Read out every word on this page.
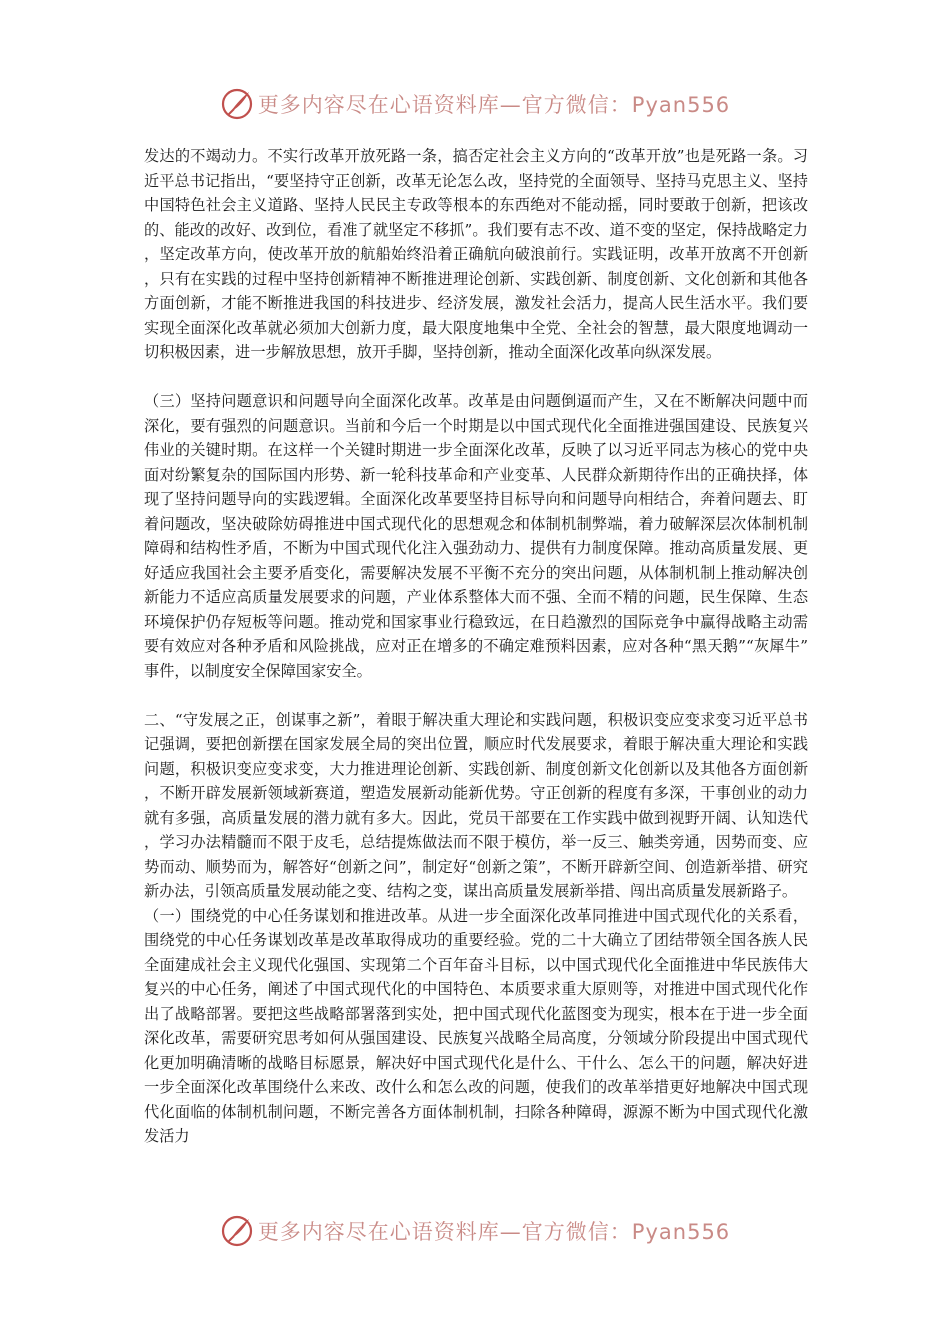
更多内容尽在心语资料库—官方微信：Pyan556

发达的不竭动力。不实行改革开放死路一条，搞否定社会主义方向的“改革开放”也是死路一条。习近平总书记指出，“要坚持守正创新，改革无论怎么改，坚持党的全面领导、坚持马克思主义、坚持中国特色社会主义道路、坚持人民民主专政等根本的东西绝对不能动摇，同时要敢于创新，把该改的、能改的改好、改到位，看准了就坚定不移抓”。我们要有志不改、道不变的坚定，保持战略定力，坚定改革方向，使改革开放的航船始终沿着正确航向破浪前行。实践证明，改革开放离不开创新，只有在实践的过程中坚持创新精神不断推进理论创新、实践创新、制度创新、文化创新和其他各方面创新，才能不断推进我国的科技进步、经济发展，激发社会活力，提高人民生活水平。我们要实现全面深化改革就必须加大创新力度，最大限度地集中全党、全社会的智慧，最大限度地调动一切积极因素，进一步解放思想，放开手脚，坚持创新，推动全面深化改革向纵深发展。

（三）坚持问题意识和问题导向全面深化改革。改革是由问题倒逼而产生，又在不断解决问题中而深化，要有强烈的问题意识。当前和今后一个时期是以中国式现代化全面推进强国建设、民族复兴伟业的关键时期。在这样一个关键时期进一步全面深化改革，反映了以习近平同志为核心的党中央面对纷繁复杂的国际国内形势、新一轮科技革命和产业变革、人民群众新期待作出的正确抉择，体现了坚持问题导向的实践逻辑。全面深化改革要坚持目标导向和问题导向相结合，奔着问题去、盯着问题改，坚决破除妨碍推进中国式现代化的思想观念和体制机制弊端，着力破解深层次体制机制障碍和结构性矛盾，不断为中国式现代化注入强劲动力、提供有力制度保障。推动高质量发展、更好适应我国社会主要矛盾变化，需要解决发展不平衡不充分的突出问题，从体制机制上推动解决创新能力不适应高质量发展要求的问题，产业体系整体大而不强、全而不精的问题，民生保障、生态环境保护仍存短板等问题。推动党和国家事业行稳致远，在日趋激烈的国际竞争中赢得战略主动需要有效应对各种矛盾和风险挑战，应对正在增多的不确定难预料因素，应对各种“黑天鹅”“灰犀牛”事件，以制度安全保障国家安全。

二、“守发展之正，创谋事之新”，着眼于解决重大理论和实践问题，积极识变应变求变习近平总书记强调，要把创新摆在国家发展全局的突出位置，顺应时代发展要求，着眼于解决重大理论和实践问题，积极识变应变求变，大力推进理论创新、实践创新、制度创新文化创新以及其他各方面创新，不断开辟发展新领域新赛道，塑造发展新动能新优势。守正创新的程度有多深，干事创业的动力就有多强，高质量发展的潜力就有多大。因此，党员干部要在工作实践中做到视野开阔、认知迭代，学习办法精髓而不限于皮毛，总结提炼做法而不限于模仿，举一反三、触类旁通，因势而变、应势而动、顺势而为，解答好“创新之问”，制定好“创新之策”，不断开辟新空间、创造新举措、研究新办法，引领高质量发展动能之变、结构之变，谋出高质量发展新举措、闯出高质量发展新路子。

（一）围绕党的中心任务谋划和推进改革。从进一步全面深化改革同推进中国式现代化的关系看，围绕党的中心任务谋划改革是改革取得成功的重要经验。党的二十大确立了团结带领全国各族人民全面建成社会主义现代化强国、实现第二个百年奋斗目标，以中国式现代化全面推进中华民族伟大复兴的中心任务，阐述了中国式现代化的中国特色、本质要求重大原则等，对推进中国式现代化作出了战略部署。要把这些战略部署落到实处，把中国式现代化蓝图变为现实，根本在于进一步全面深化改革，需要研究思考如何从强国建设、民族复兴战略全局高度，分领域分阶段提出中国式现代化更加明确清晰的战略目标愿景，解决好中国式现代化是什么、干什么、怎么干的问题，解决好进一步全面深化改革围绕什么来改、改什么和怎么改的问题，使我们的改革举措更好地解决中国式现代化面临的体制机制问题，不断完善各方面体制机制，扫除各种障碍，源源不断为中国式现代化激发活力

更多内容尽在心语资料库—官方微信：Pyan556
